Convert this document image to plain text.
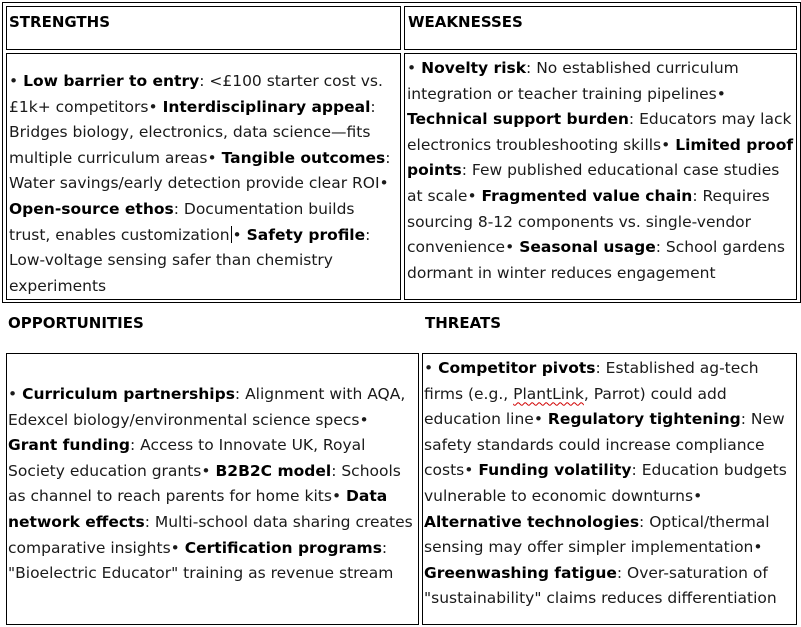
STRENGTHS	WEAKNESSES
• Low barrier to entry: <£100 starter cost vs. £1k+ competitors• Interdisciplinary appeal: Bridges biology, electronics, data science—fits multiple curriculum areas• Tangible outcomes: Water savings/early detection provide clear ROI• Open-source ethos: Documentation builds trust, enables customization • Safety profile: Low-voltage sensing safer than chemistry experiments
• Novelty risk: No established curriculum integration or teacher training pipelines• Technical support burden: Educators may lack electronics troubleshooting skills• Limited proof points: Few published educational case studies at scale• Fragmented value chain: Requires sourcing 8-12 components vs. single-vendor convenience• Seasonal usage: School gardens dormant in winter reduces engagement
OPPORTUNITIES	THREATS
• Curriculum partnerships: Alignment with AQA, Edexcel biology/environmental science specs• Grant funding: Access to Innovate UK, Royal Society education grants• B2B2C model: Schools as channel to reach parents for home kits• Data network effects: Multi-school data sharing creates comparative insights• Certification programs: "Bioelectric Educator" training as revenue stream
• Competitor pivots: Established ag-tech firms (e.g., PlantLink, Parrot) could add education line• Regulatory tightening: New safety standards could increase compliance costs• Funding volatility: Education budgets vulnerable to economic downturns• Alternative technologies: Optical/thermal sensing may offer simpler implementation• Greenwashing fatigue: Over-saturation of "sustainability" claims reduces differentiation
